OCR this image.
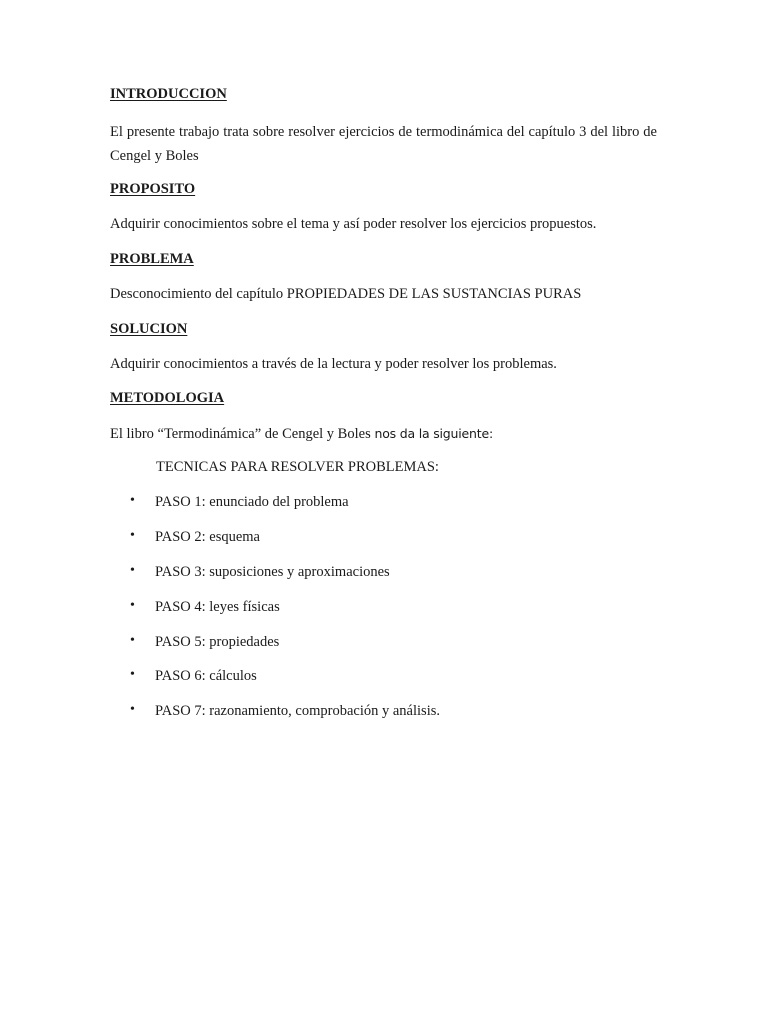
INTRODUCCION
El presente trabajo trata sobre resolver ejercicios de termodinámica del capítulo 3 del libro de Cengel y Boles
PROPOSITO
Adquirir conocimientos sobre el tema y así poder resolver los ejercicios propuestos.
PROBLEMA
Desconocimiento del capítulo PROPIEDADES DE LAS SUSTANCIAS PURAS
SOLUCION
Adquirir conocimientos a través de la lectura y poder resolver los problemas.
METODOLOGIA
El libro “Termodinámica” de Cengel y Boles nos da la siguiente:
TECNICAS PARA RESOLVER PROBLEMAS:
• PASO 1: enunciado del problema
• PASO 2: esquema
• PASO 3: suposiciones y aproximaciones
• PASO 4: leyes físicas
• PASO 5: propiedades
• PASO 6: cálculos
• PASO 7: razonamiento, comprobación y análisis.
